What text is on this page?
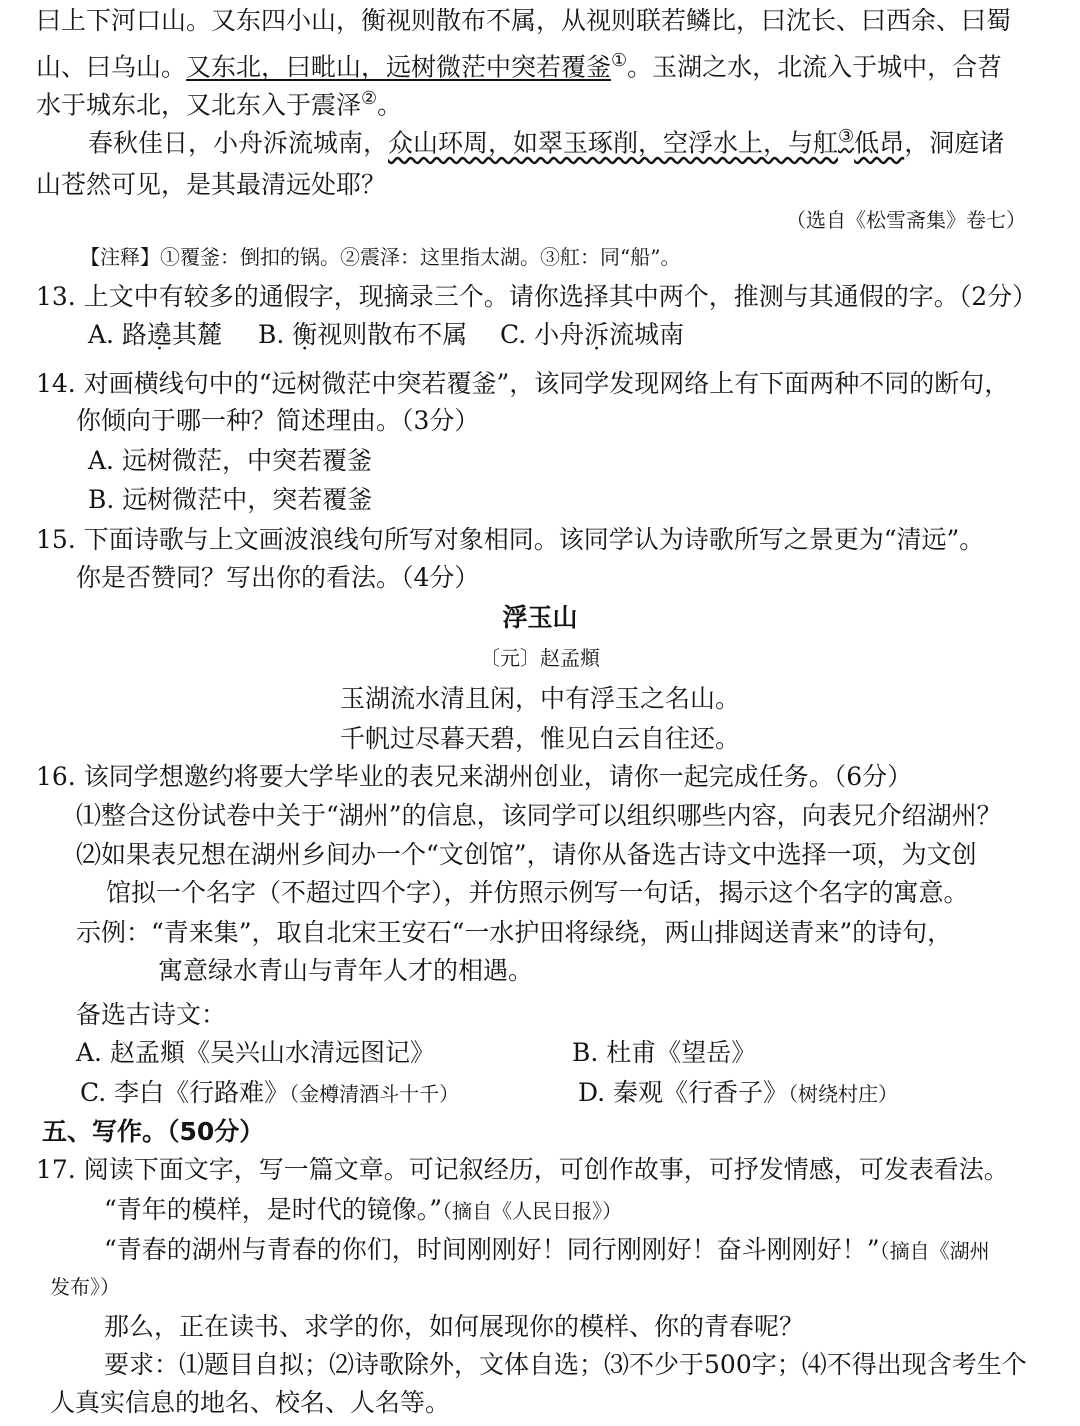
曰上下河口山。又东四小山，衡视则散布不属，从视则联若鳞比，曰沈长、曰西余、曰蜀
山、曰乌山。又东北，曰毗山，远树微茫中突若覆釜①。玉湖之水，北流入于城中，合苕
水于城东北，又北东入于震泽②。
春秋佳日，小舟泝流城南，众山环周，如翠玉琢削，空浮水上，与舡③低昂，洞庭诸
山苍然可见，是其最清远处耶？
（选自《松雪斋集》卷七）
【注释】①覆釜：倒扣的锅。②震泽：这里指太湖。③舡：同“船”。
13. 上文中有较多的通假字，现摘录三个。请你选择其中两个，推测与其通假的字。（2分）
A. 路遶其麓 B. 衡视则散布不属 C. 小舟泝流城南
14. 对画横线句中的“远树微茫中突若覆釜”，该同学发现网络上有下面两种不同的断句，
你倾向于哪一种？简述理由。（3分）
A. 远树微茫，中突若覆釜
B. 远树微茫中，突若覆釜
15. 下面诗歌与上文画波浪线句所写对象相同。该同学认为诗歌所写之景更为“清远”。
你是否赞同？写出你的看法。（4分）
浮玉山
〔元〕赵孟頫
玉湖流水清且闲，中有浮玉之名山。
千帆过尽暮天碧，惟见白云自往还。
16. 该同学想邀约将要大学毕业的表兄来湖州创业，请你一起完成任务。（6分）
⑴整合这份试卷中关于“湖州”的信息，该同学可以组织哪些内容，向表兄介绍湖州？
⑵如果表兄想在湖州乡间办一个“文创馆”，请你从备选古诗文中选择一项，为文创
馆拟一个名字（不超过四个字），并仿照示例写一句话，揭示这个名字的寓意。
示例：“青来集”，取自北宋王安石“一水护田将绿绕，两山排闼送青来”的诗句，
寓意绿水青山与青年人才的相遇。
备选古诗文：
A. 赵孟頫《吴兴山水清远图记》	B. 杜甫《望岳》
C. 李白《行路难》（金樽清酒斗十千）	D. 秦观《行香子》（树绕村庄）
五、写作。（50分）
17. 阅读下面文字，写一篇文章。可记叙经历，可创作故事，可抒发情感，可发表看法。
“青年的模样，是时代的镜像。”（摘自《人民日报》）
“青春的湖州与青春的你们，时间刚刚好！同行刚刚好！奋斗刚刚好！”（摘自《湖州
发布》）
那么，正在读书、求学的你，如何展现你的模样、你的青春呢？
要求：⑴题目自拟；⑵诗歌除外，文体自选；⑶不少于500字；⑷不得出现含考生个
人真实信息的地名、校名、人名等。
